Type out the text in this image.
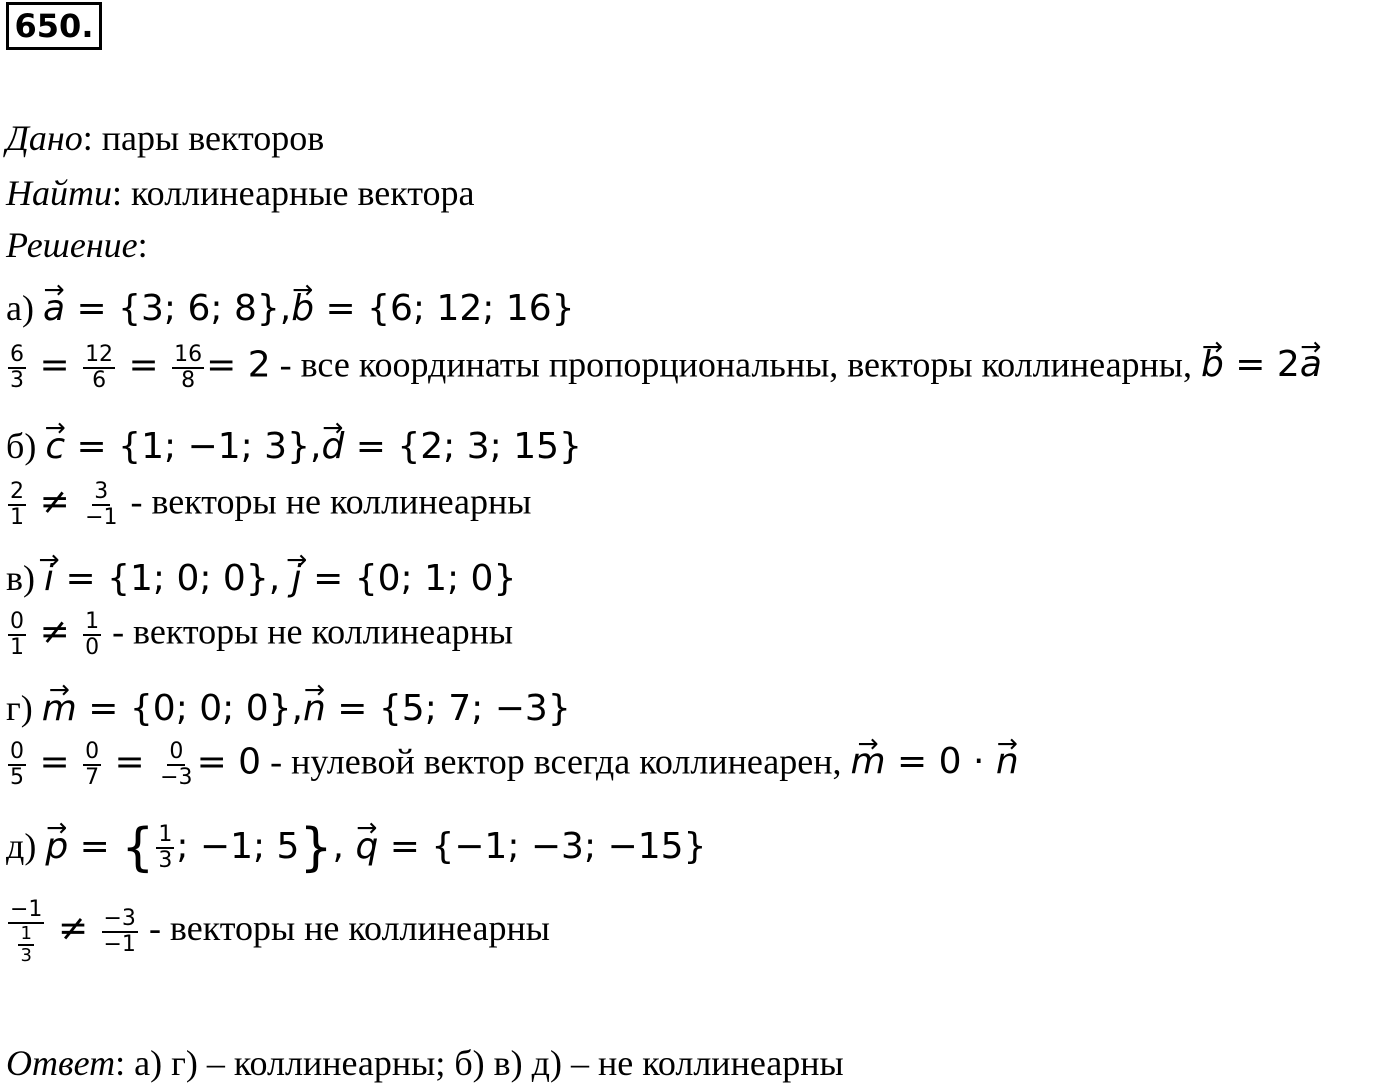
650.
Дано: пары векторов
Найти: коллинеарные вектора
Решение:
а) a → = {3; 6; 8},b → = {6; 12; 16}
$\frac{6}{3} = \frac{12}{6} = \frac{16}{8} = 2$ - все координаты пропорциональны, векторы коллинеарны, b → = 2a →
б) c → = {1; −1; 3},d → = {2; 3; 15}
$\frac{2}{1} \ne \frac{3}{-1}$ - векторы не коллинеарны
в) i → = {1; 0; 0}, j → = {0; 1; 0}
$\frac{0}{1} \ne \frac{1}{0}$ - векторы не коллинеарны
г) m → = {0; 0; 0},n → = {5; 7; −3}
$\frac{0}{5} = \frac{0}{7} = \frac{0}{-3} = 0$ - нулевой вектор всегда коллинеарен, m → = 0 · n →
д) p → = { $\frac{1}{3}$ ; −1; 5}, q → = {−1; −3; −15}
$\frac{-1}{\frac{1}{3}} \ne \frac{-3}{-1}$ - векторы не коллинеарны
Ответ: а) г) – коллинеарны; б) в) д) – не коллинеарны
